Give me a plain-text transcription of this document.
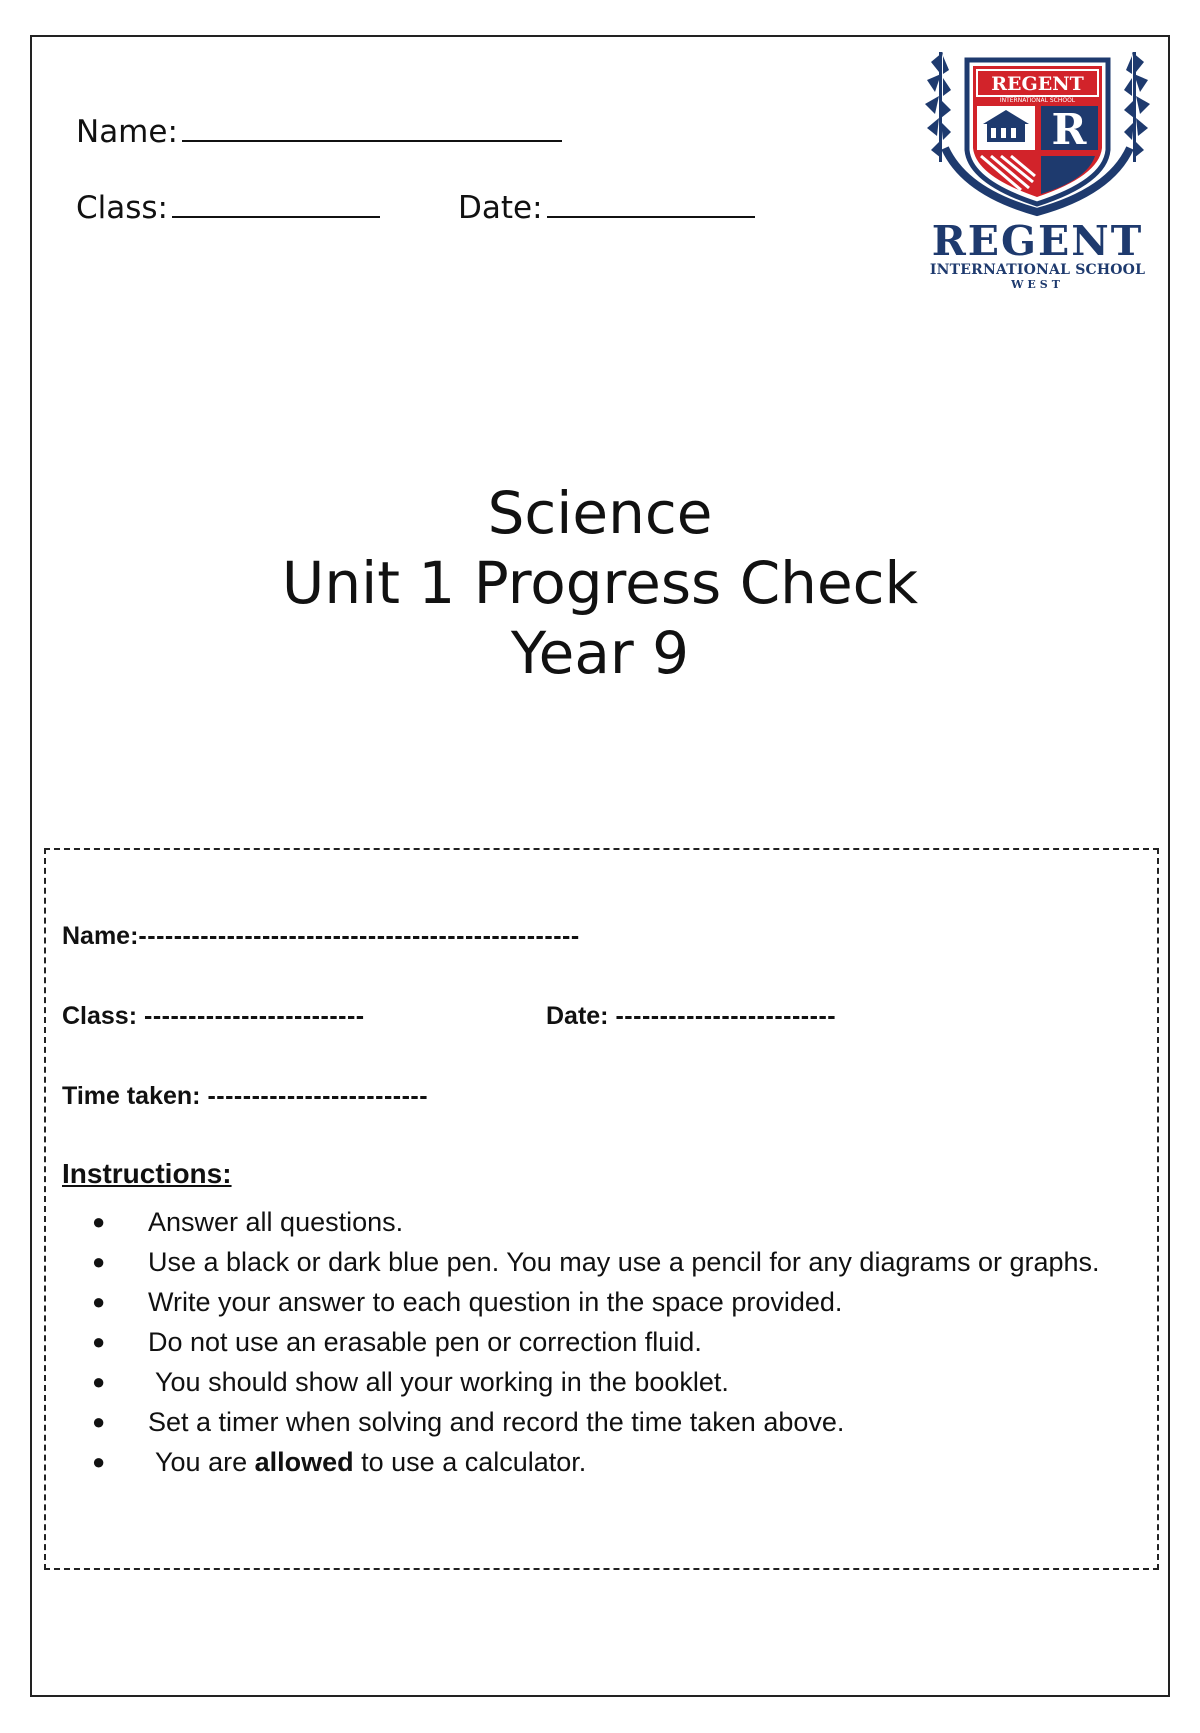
Name:
Class:	Date:
REGENT
INTERNATIONAL SCHOOL
R
REGENT
INTERNATIONAL SCHOOL
WEST
Science
Unit 1 Progress Check
Year 9
Name:--------------------------------------------------
Class: -------------------------	Date: -------------------------
Time taken: -------------------------
Instructions:
● Answer all questions.
● Use a black or dark blue pen. You may use a pencil for any diagrams or graphs.
● Write your answer to each question in the space provided.
● Do not use an erasable pen or correction fluid.
● You should show all your working in the booklet.
● Set a timer when solving and record the time taken above.
● You are allowed to use a calculator.
